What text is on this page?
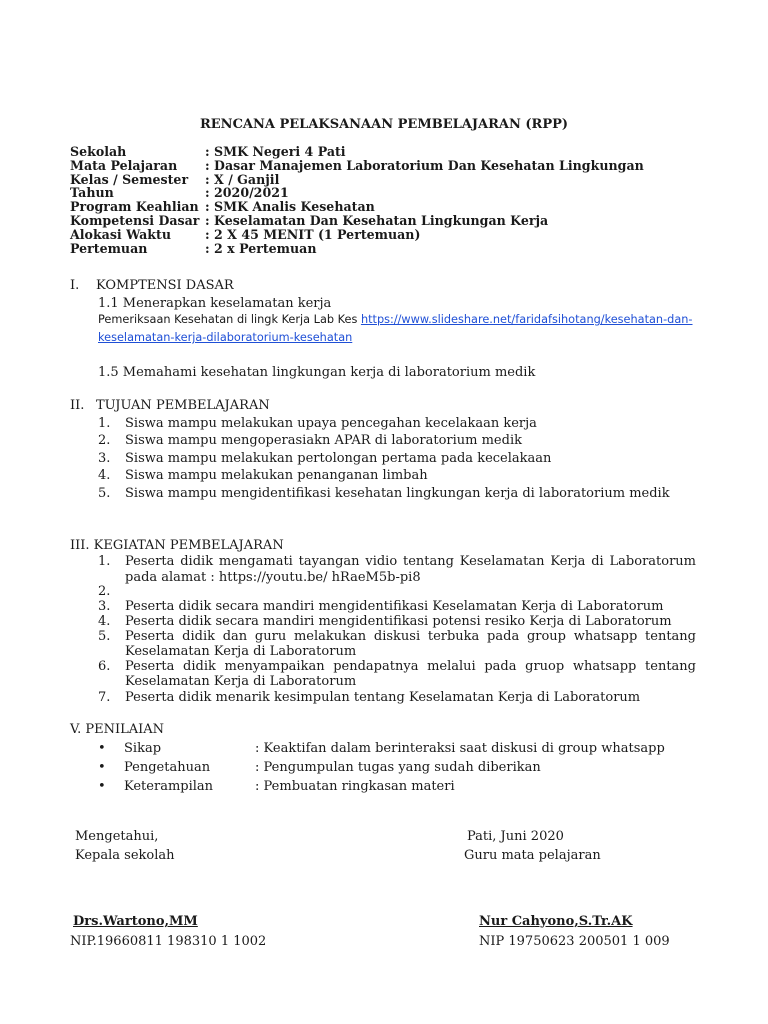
RENCANA PELAKSANAAN PEMBELAJARAN (RPP)
Sekolah	: SMK Negeri 4 Pati
Mata Pelajaran	: Dasar Manajemen Laboratorium Dan Kesehatan Lingkungan
Kelas / Semester	: X / Ganjil
Tahun	: 2020/2021
Program Keahlian : SMK Analis Kesehatan
Kompetensi Dasar : Keselamatan Dan Kesehatan Lingkungan Kerja
Alokasi Waktu	: 2 X 45 MENIT (1 Pertemuan)
Pertemuan	: 2 x Pertemuan
I. KOMPTENSI DASAR
1.1 Menerapkan keselamatan kerja
Pemeriksaan Kesehatan di lingk Kerja Lab Kes https://www.slideshare.net/faridafsihotang/kesehatan-dan-
keselamatan-kerja-dilaboratorium-kesehatan
1.5 Memahami kesehatan lingkungan kerja di laboratorium medik
II. TUJUAN PEMBELAJARAN
1.	Siswa mampu melakukan upaya pencegahan kecelakaan kerja
2.	Siswa mampu mengoperasiakn APAR di laboratorium medik
3.	Siswa mampu melakukan pertolongan pertama pada kecelakaan
4.	Siswa mampu melakukan penanganan limbah
5.	Siswa mampu mengidentifikasi kesehatan lingkungan kerja di laboratorium medik
III. KEGIATAN PEMBELAJARAN
1.	Peserta didik mengamati tayangan vidio tentang Keselamatan Kerja di Laboratorum pada alamat : https://youtu.be/ hRaeM5b-pi8
2.
3.	Peserta didik secara mandiri mengidentifikasi Keselamatan Kerja di Laboratorum
4.	Peserta didik secara mandiri mengidentifikasi potensi resiko Kerja di Laboratorum
5.	Peserta didik dan guru melakukan diskusi terbuka pada group whatsapp tentang Keselamatan Kerja di Laboratorum
6.	Peserta didik menyampaikan pendapatnya melalui pada gruop whatsapp tentang Keselamatan Kerja di Laboratorum
7.	Peserta didik menarik kesimpulan tentang Keselamatan Kerja di Laboratorum
V. PENILAIAN
•	Sikap	: Keaktifan dalam berinteraksi saat diskusi di group whatsapp
•	Pengetahuan	: Pengumpulan tugas yang sudah diberikan
•	Keterampilan	: Pembuatan ringkasan materi
Mengetahui,
Kepala sekolah
Pati, Juni 2020
Guru mata pelajaran
Drs.Wartono,MM
NIP.19660811 198310 1 1002
Nur Cahyono,S.Tr.AK
NIP 19750623 200501 1 009
